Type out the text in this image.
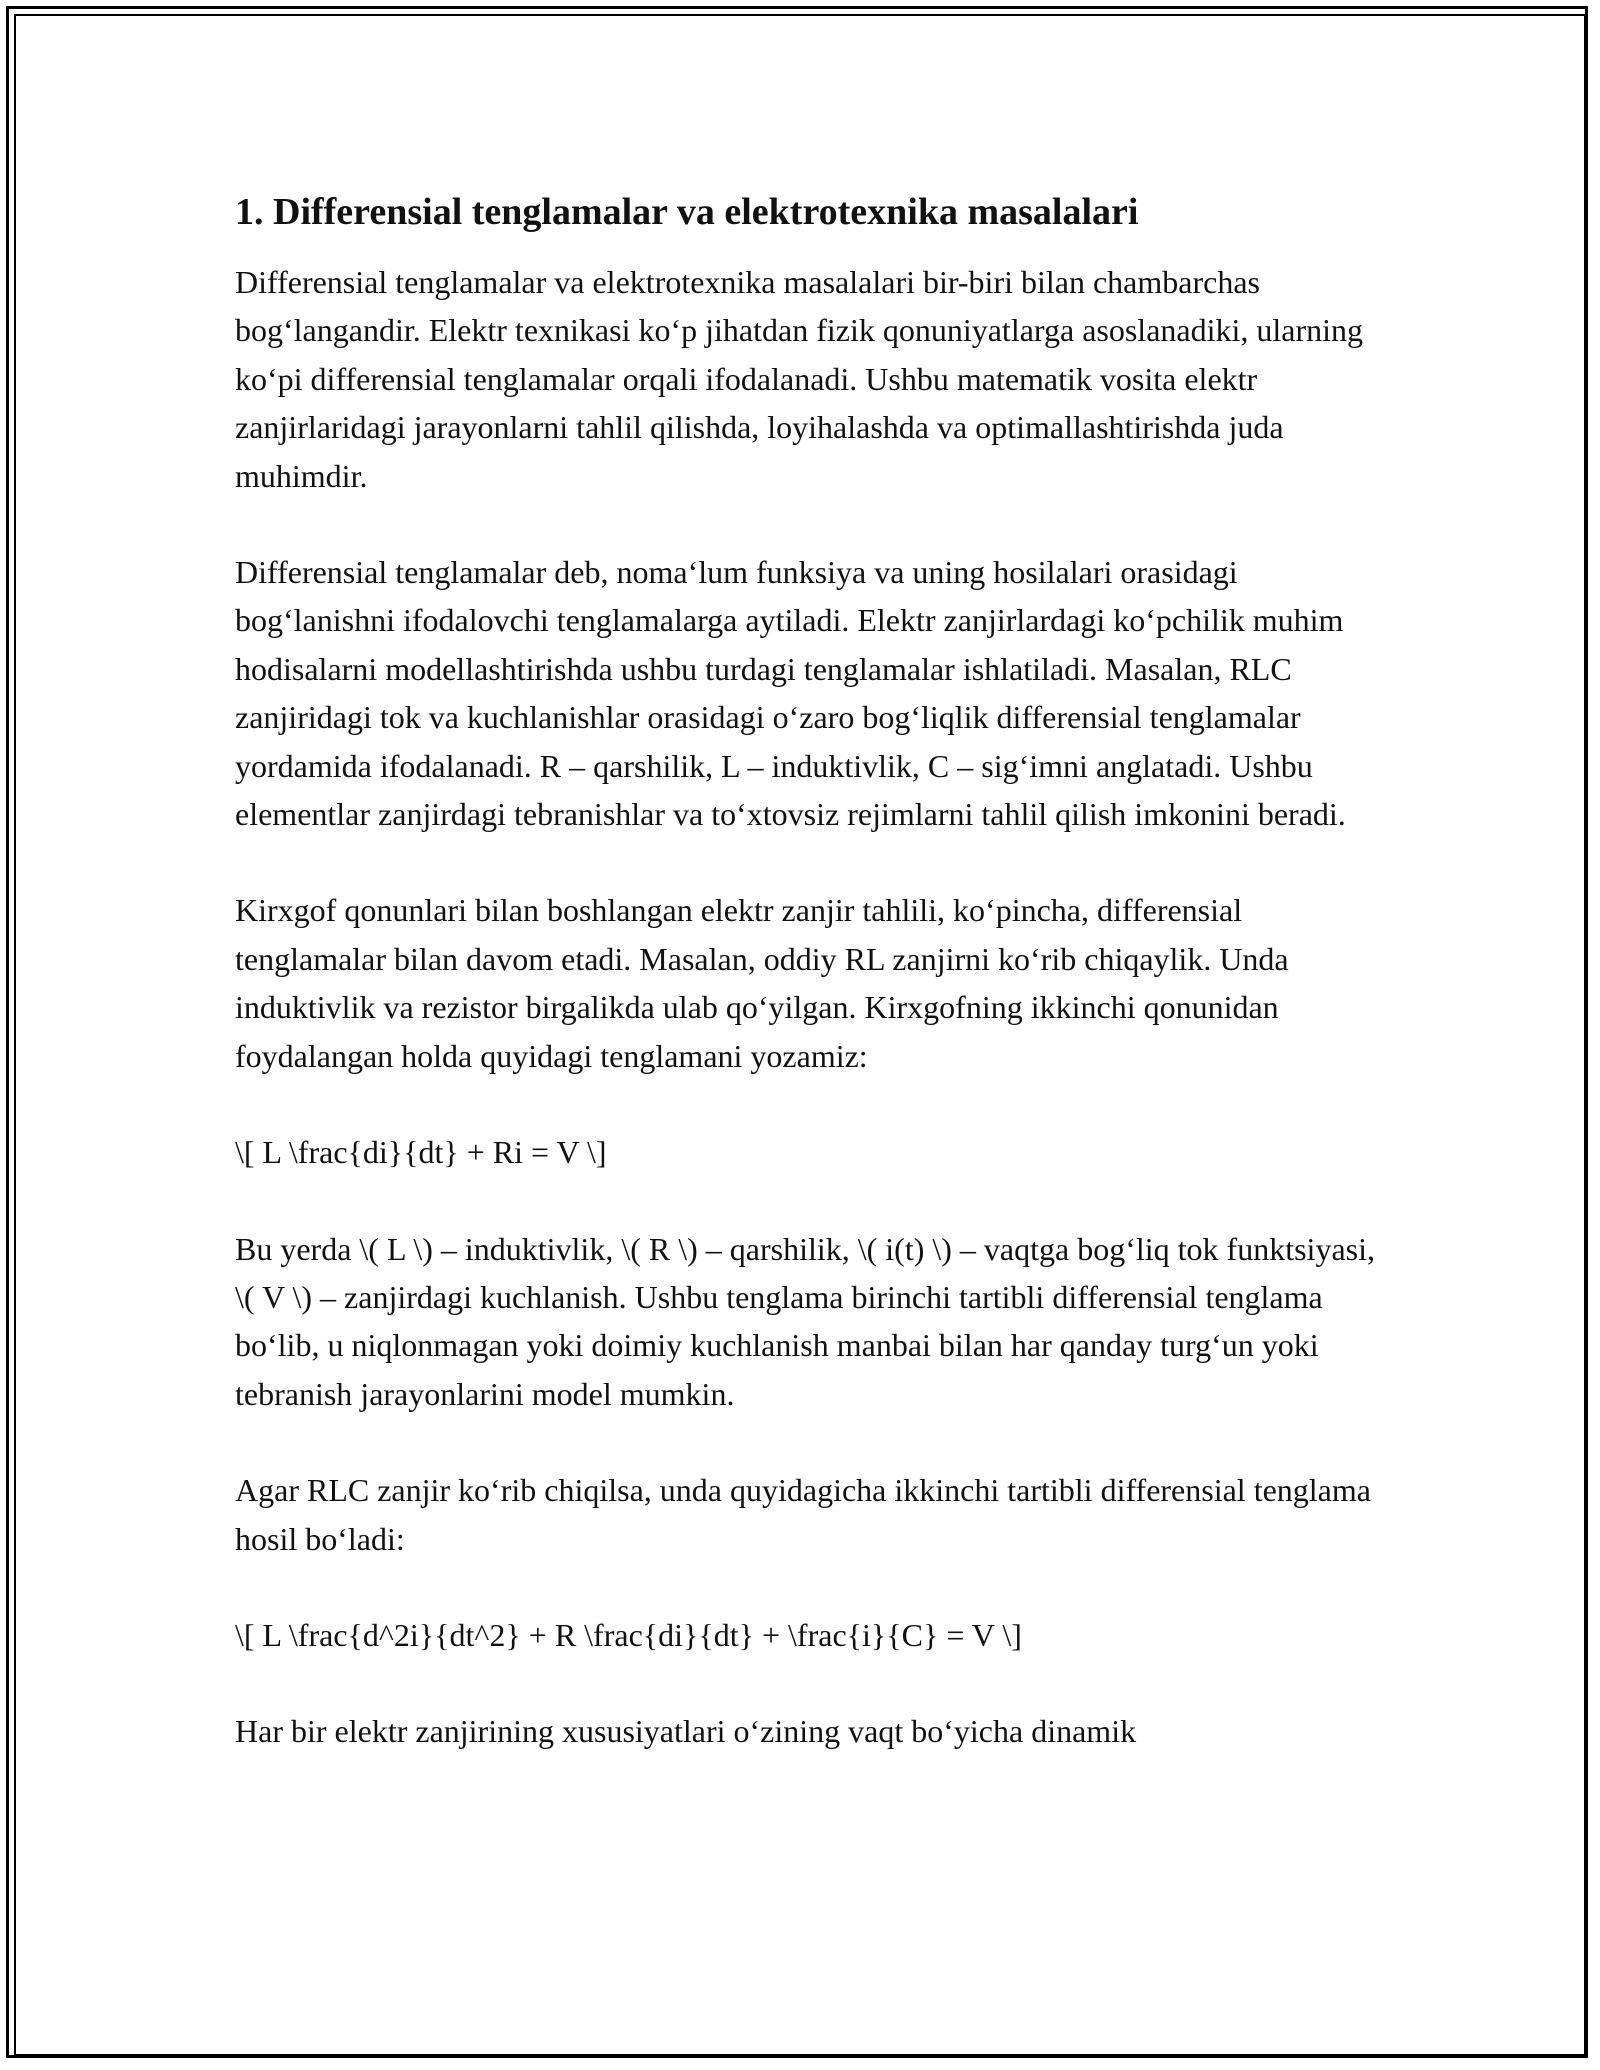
1. Differensial tenglamalar va elektrotexnika masalalari

Differensial tenglamalar va elektrotexnika masalalari bir-biri bilan chambarchas bog‘langandir. Elektr texnikasi ko‘p jihatdan fizik qonuniyatlarga asoslanadiki, ularning ko‘pi differensial tenglamalar orqali ifodalanadi. Ushbu matematik vosita elektr zanjirlaridagi jarayonlarni tahlil qilishda, loyihalashda va optimallashtirishda juda muhimdir.

Differensial tenglamalar deb, noma‘lum funksiya va uning hosilalari orasidagi bog‘lanishni ifodalovchi tenglamalarga aytiladi. Elektr zanjirlardagi ko‘pchilik muhim hodisalarni modellashtirishda ushbu turdagi tenglamalar ishlatiladi. Masalan, RLC zanjiridagi tok va kuchlanishlar orasidagi o‘zaro bog‘liqlik differensial tenglamalar yordamida ifodalanadi. R – qarshilik, L – induktivlik, C – sig‘imni anglatadi. Ushbu elementlar zanjirdagi tebranishlar va to‘xtovsiz rejimlarni tahlil qilish imkonini beradi.

Kirxgof qonunlari bilan boshlangan elektr zanjir tahlili, ko‘pincha, differensial tenglamalar bilan davom etadi. Masalan, oddiy RL zanjirni ko‘rib chiqaylik. Unda induktivlik va rezistor birgalikda ulab qo‘yilgan. Kirxgofning ikkinchi qonunidan foydalangan holda quyidagi tenglamani yozamiz:

\[ L \frac{di}{dt} + Ri = V \]

Bu yerda \( L \) – induktivlik, \( R \) – qarshilik, \( i(t) \) – vaqtga bog‘liq tok funktsiyasi, \( V \) – zanjirdagi kuchlanish. Ushbu tenglama birinchi tartibli differensial tenglama bo‘lib, u niqlonmagan yoki doimiy kuchlanish manbai bilan har qanday turg‘un yoki tebranish jarayonlarini model mumkin.

Agar RLC zanjir ko‘rib chiqilsa, unda quyidagicha ikkinchi tartibli differensial tenglama hosil bo‘ladi:

\[ L \frac{d^2i}{dt^2} + R \frac{di}{dt} + \frac{i}{C} = V \]

Har bir elektr zanjirining xususiyatlari o‘zining vaqt bo‘yicha dinamik
